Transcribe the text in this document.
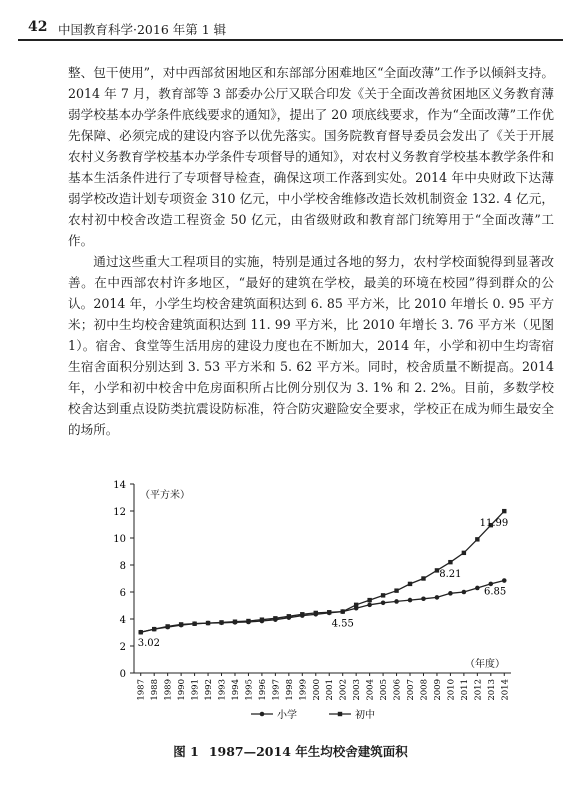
42 中国教育科学·2016 年第 1 辑

整、包干使用”，对中西部贫困地区和东部部分困难地区“全面改薄”工作予以倾斜支持。2014 年 7 月，教育部等 3 部委办公厅又联合印发《关于全面改善贫困地区义务教育薄弱学校基本办学条件底线要求的通知》，提出了 20 项底线要求，作为“全面改薄”工作优先保障、必须完成的建设内容予以优先落实。国务院教育督导委员会发出了《关于开展农村义务教育学校基本办学条件专项督导的通知》，对农村义务教育学校基本教学条件和基本生活条件进行了专项督导检查，确保这项工作落到实处。2014 年中央财政下达薄弱学校改造计划专项资金 310 亿元，中小学校舍维修改造长效机制资金 132. 4 亿元，农村初中校舍改造工程资金 50 亿元，由省级财政和教育部门统筹用于“全面改薄”工作。

通过这些重大工程项目的实施，特别是通过各地的努力，农村学校面貌得到显著改善。在中西部农村许多地区，“最好的建筑在学校，最美的环境在校园”得到群众的公认。2014 年，小学生均校舍建筑面积达到 6. 85 平方米，比 2010 年增长 0. 95 平方米；初中生均校舍建筑面积达到 11. 99 平方米，比 2010 年增长 3. 76 平方米（见图 1）。宿舍、食堂等生活用房的建设力度也在不断加大，2014 年，小学和初中生均寄宿生宿舍面积分别达到 3. 53 平方米和 5. 62 平方米。同时，校舍质量不断提高。2014 年，小学和初中校舍中危房面积所占比例分别仅为 3. 1% 和 2. 2%。目前，多数学校校舍达到重点设防类抗震设防标准，符合防灾避险安全要求，学校正在成为师生最安全的场所。

0
2
4
6
8
10
12
14
（平方米）
（年度）
1987 1988 1989 1990 1991 1992 1993 1994 1995 1996 1997 1998 1999 2000 2001 2002 2003 2004 2005 2006 2007 2008 2009 2010 2011 2012 2013 2014
3.02
4.55
8.21
6.85
11.99
小学	初中
图 1 1987—2014 年生均校舍建筑面积
